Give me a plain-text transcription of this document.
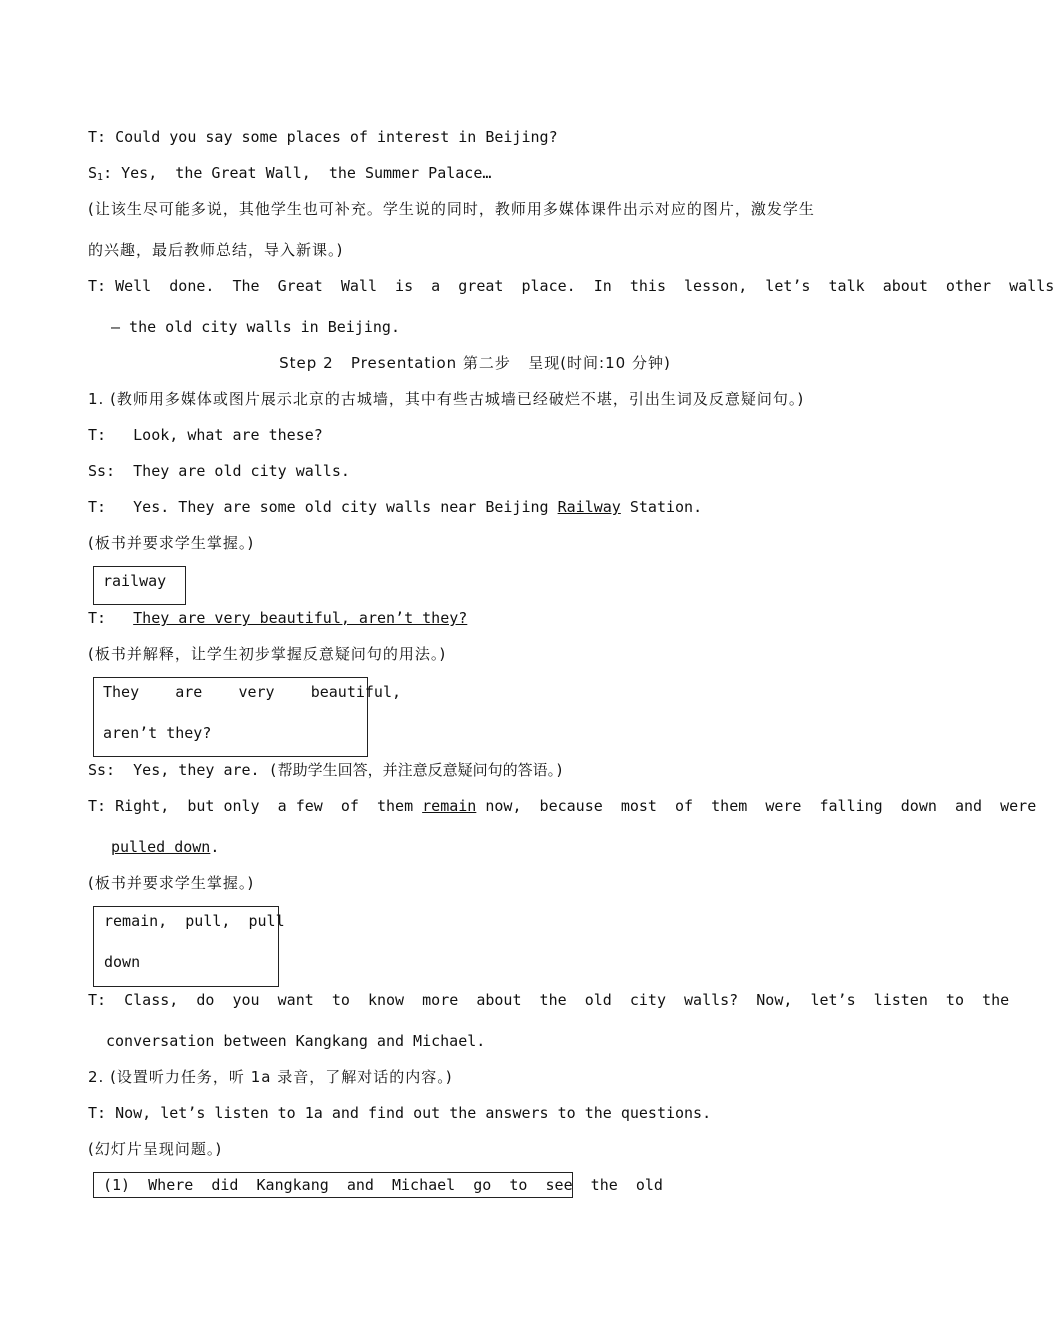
T: Could you say some places of interest in Beijing?
$S_1$: Yes,  the Great Wall,  the Summer Palace…
(让该生尽可能多说，其他学生也可补充。学生说的同时，教师用多媒体课件出示对应的图片，激发学生
的兴趣，最后教师总结，导入新课。)
T: Well  done.  The  Great  Wall  is  a  great  place.  In  this  lesson,  let’s  talk  about  other  walls
— the old city walls in Beijing.
Step 2   Presentation 第二步   呈现(时间:10 分钟)
1. (教师用多媒体或图片展示北京的古城墙，其中有些古城墙已经破烂不堪，引出生词及反意疑问句。)
T:   Look, what are these?
Ss:  They are old city walls.
T:   Yes. They are some old city walls near Beijing Railway Station.
(板书并要求学生掌握。)
railway
T:   They are very beautiful, aren’t they?
(板书并解释，让学生初步掌握反意疑问句的用法。)
They    are    very    beautiful,
aren’t they?
Ss:  Yes, they are. (帮助学生回答，并注意反意疑问句的答语。)
T: Right,  but only  a few  of  them remain now,  because  most  of  them  were  falling  down  and  were
pulled down.
(板书并要求学生掌握。)
remain,  pull,  pull
down
T:  Class,  do  you  want  to  know  more  about  the  old  city  walls?  Now,  let’s  listen  to  the
conversation between Kangkang and Michael.
2. (设置听力任务，听 1a 录音，了解对话的内容。)
T: Now, let’s listen to 1a and find out the answers to the questions.
(幻灯片呈现问题。)
(1)  Where  did  Kangkang  and  Michael  go  to  see  the  old
